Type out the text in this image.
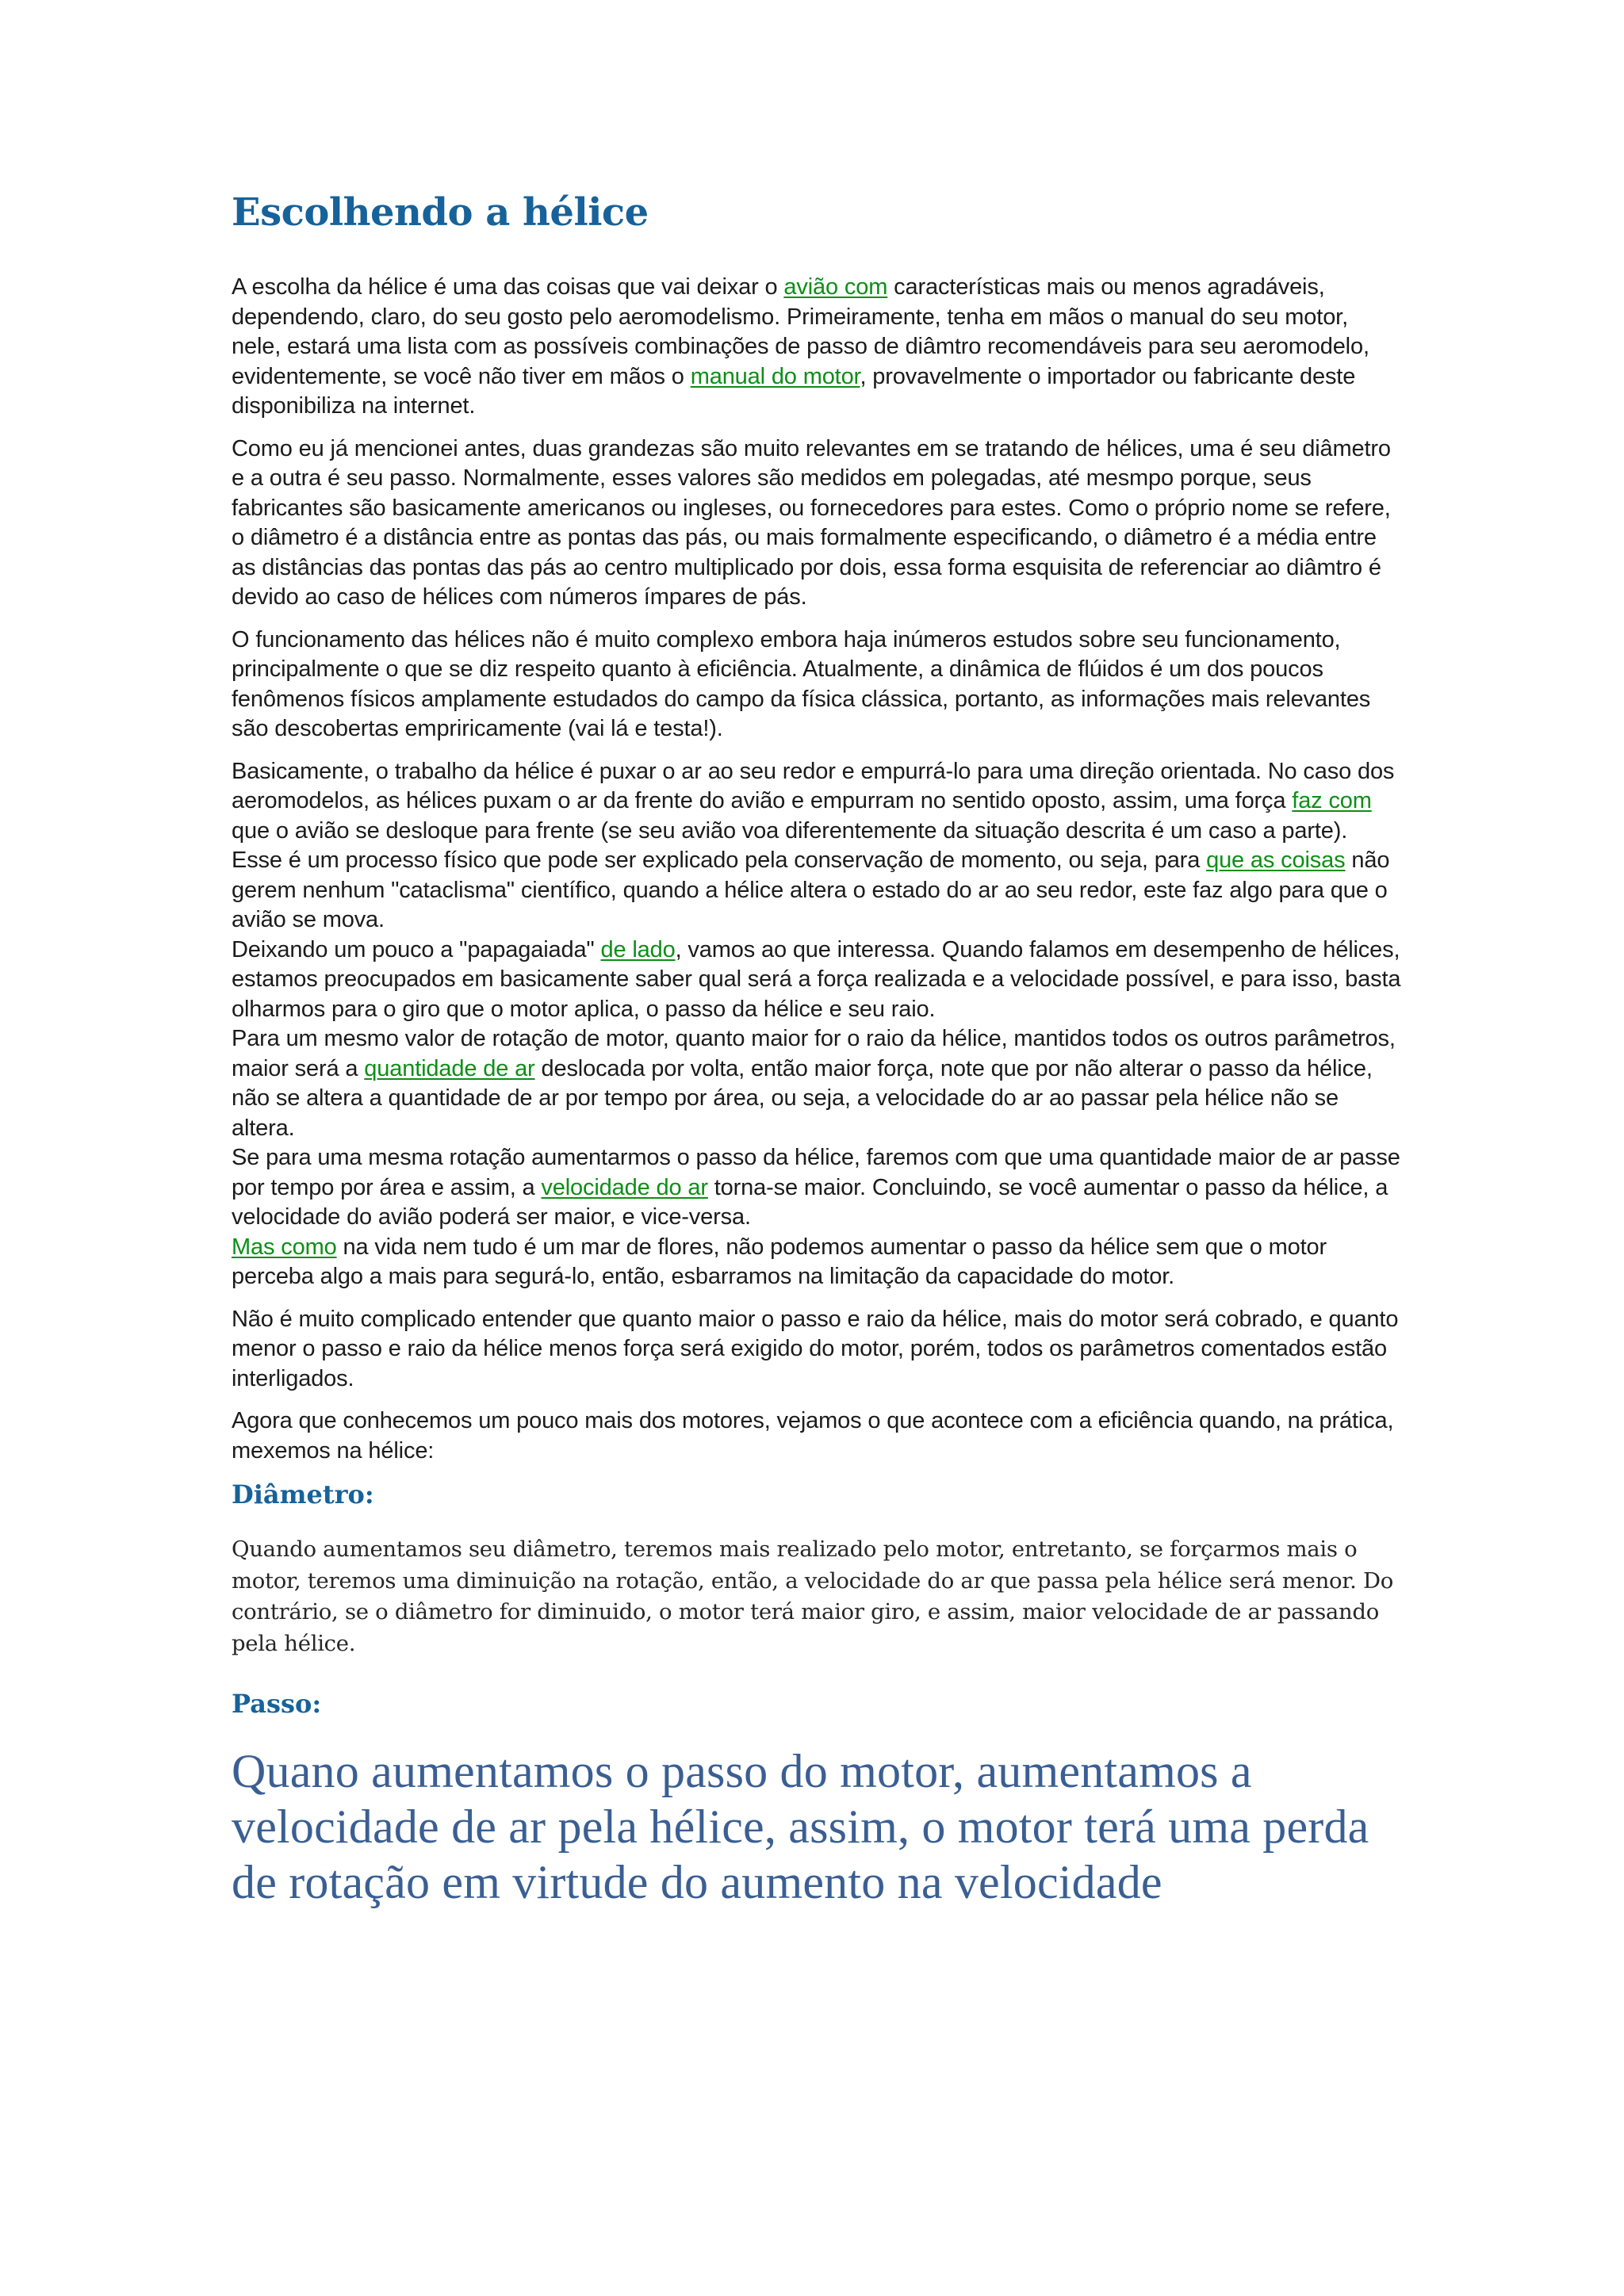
Escolhendo a hélice

A escolha da hélice é uma das coisas que vai deixar o avião com características mais ou menos agradáveis, dependendo, claro, do seu gosto pelo aeromodelismo. Primeiramente, tenha em mãos o manual do seu motor, nele, estará uma lista com as possíveis combinações de passo de diâmtro recomendáveis para seu aeromodelo, evidentemente, se você não tiver em mãos o manual do motor, provavelmente o importador ou fabricante deste disponibiliza na internet.

Como eu já mencionei antes, duas grandezas são muito relevantes em se tratando de hélices, uma é seu diâmetro e a outra é seu passo. Normalmente, esses valores são medidos em polegadas, até mesmpo porque, seus fabricantes são basicamente americanos ou ingleses, ou fornecedores para estes. Como o próprio nome se refere, o diâmetro é a distância entre as pontas das pás, ou mais formalmente especificando, o diâmetro é a média entre as distâncias das pontas das pás ao centro multiplicado por dois, essa forma esquisita de referenciar ao diâmtro é devido ao caso de hélices com números ímpares de pás.

O funcionamento das hélices não é muito complexo embora haja inúmeros estudos sobre seu funcionamento, principalmente o que se diz respeito quanto à eficiência. Atualmente, a dinâmica de flúidos é um dos poucos fenômenos físicos amplamente estudados do campo da física clássica, portanto, as informações mais relevantes são descobertas empriricamente (vai lá e testa!).

Basicamente, o trabalho da hélice é puxar o ar ao seu redor e empurrá-lo para uma direção orientada. No caso dos aeromodelos, as hélices puxam o ar da frente do avião e empurram no sentido oposto, assim, uma força faz com que o avião se desloque para frente (se seu avião voa diferentemente da situação descrita é um caso a parte). Esse é um processo físico que pode ser explicado pela conservação de momento, ou seja, para que as coisas não gerem nenhum "cataclisma" científico, quando a hélice altera o estado do ar ao seu redor, este faz algo para que o avião se mova.

Deixando um pouco a "papagaiada" de lado, vamos ao que interessa. Quando falamos em desempenho de hélices, estamos preocupados em basicamente saber qual será a força realizada e a velocidade possível, e para isso, basta olharmos para o giro que o motor aplica, o passo da hélice e seu raio.

Para um mesmo valor de rotação de motor, quanto maior for o raio da hélice, mantidos todos os outros parâmetros, maior será a quantidade de ar deslocada por volta, então maior força, note que por não alterar o passo da hélice, não se altera a quantidade de ar por tempo por área, ou seja, a velocidade do ar ao passar pela hélice não se altera.

Se para uma mesma rotação aumentarmos o passo da hélice, faremos com que uma quantidade maior de ar passe por tempo por área e assim, a velocidade do ar torna-se maior. Concluindo, se você aumentar o passo da hélice, a velocidade do avião poderá ser maior, e vice-versa.

Mas como na vida nem tudo é um mar de flores, não podemos aumentar o passo da hélice sem que o motor perceba algo a mais para segurá-lo, então, esbarramos na limitação da capacidade do motor.

Não é muito complicado entender que quanto maior o passo e raio da hélice, mais do motor será cobrado, e quanto menor o passo e raio da hélice menos força será exigido do motor, porém, todos os parâmetros comentados estão interligados.

Agora que conhecemos um pouco mais dos motores, vejamos o que acontece com a eficiência quando, na prática, mexemos na hélice:

Diâmetro:

Quando aumentamos seu diâmetro, teremos mais realizado pelo motor, entretanto, se forçarmos mais o motor, teremos uma diminuição na rotação, então, a velocidade do ar que passa pela hélice será menor. Do contrário, se o diâmetro for diminuido, o motor terá maior giro, e assim, maior velocidade de ar passando pela hélice.

Passo:

Quano aumentamos o passo do motor, aumentamos a velocidade de ar pela hélice, assim, o motor terá uma perda de rotação em virtude do aumento na velocidade
